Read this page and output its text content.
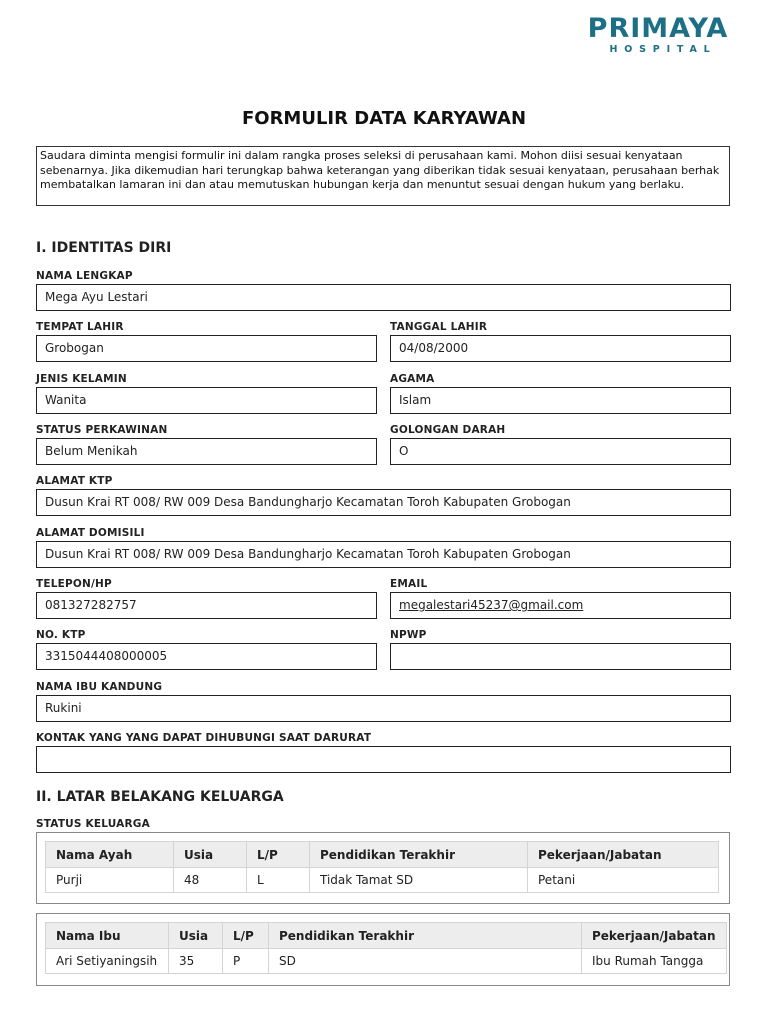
PRIMAYA
HOSPITAL
FORMULIR DATA KARYAWAN
Saudara diminta mengisi formulir ini dalam rangka proses seleksi di perusahaan kami. Mohon diisi sesuai kenyataan sebenarnya. Jika dikemudian hari terungkap bahwa keterangan yang diberikan tidak sesuai kenyataan, perusahaan berhak membatalkan lamaran ini dan atau memutuskan hubungan kerja dan menuntut sesuai dengan hukum yang berlaku.
I. IDENTITAS DIRI
NAMA LENGKAP
Mega Ayu Lestari
TEMPAT LAHIR
Grobogan
TANGGAL LAHIR
04/08/2000
JENIS KELAMIN
Wanita
AGAMA
Islam
STATUS PERKAWINAN
Belum Menikah
GOLONGAN DARAH
O
ALAMAT KTP
Dusun Krai RT 008/ RW 009 Desa Bandungharjo Kecamatan Toroh Kabupaten Grobogan
ALAMAT DOMISILI
Dusun Krai RT 008/ RW 009 Desa Bandungharjo Kecamatan Toroh Kabupaten Grobogan
TELEPON/HP
081327282757
EMAIL
megalestari45237@gmail.com
NO. KTP
3315044408000005
NPWP
NAMA IBU KANDUNG
Rukini
KONTAK YANG YANG DAPAT DIHUBUNGI SAAT DARURAT
II. LATAR BELAKANG KELUARGA
STATUS KELUARGA
Nama Ayah	Usia	L/P	Pendidikan Terakhir	Pekerjaan/Jabatan
Purji	48	L	Tidak Tamat SD	Petani
Nama Ibu	Usia	L/P	Pendidikan Terakhir	Pekerjaan/Jabatan
Ari Setiyaningsih	35	P	SD	Ibu Rumah Tangga
